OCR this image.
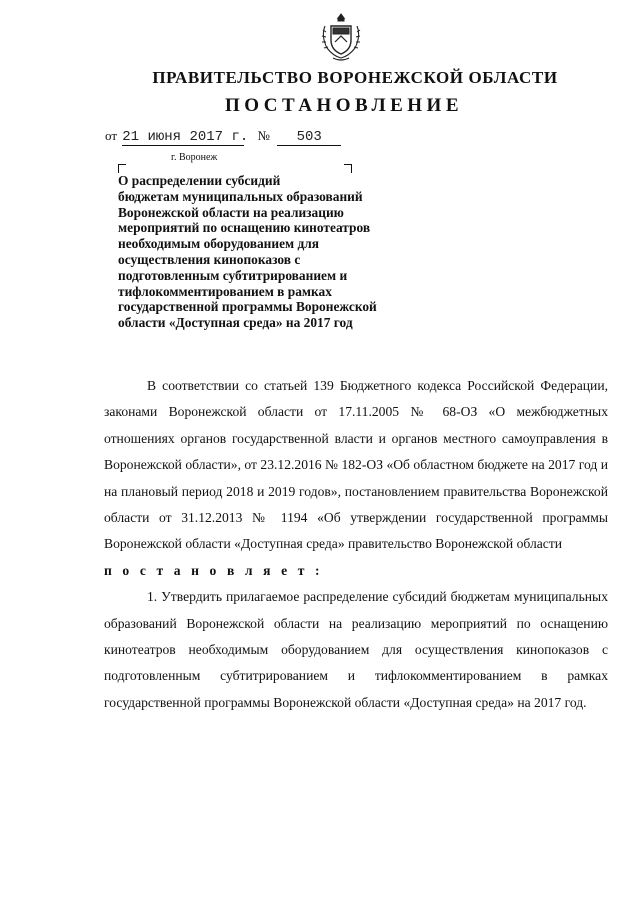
ПРАВИТЕЛЬСТВО ВОРОНЕЖСКОЙ ОБЛАСТИ
ПОСТАНОВЛЕНИЕ
от 21 июня 2017 г. № 503
г. Воронеж
О распределении субсидий
бюджетам муниципальных образований
Воронежской области на реализацию
мероприятий по оснащению кинотеатров
необходимым оборудованием для
осуществления кинопоказов с
подготовленным субтитрированием и
тифлокомментированием в рамках
государственной программы Воронежской
области «Доступная среда» на 2017 год

В соответствии со статьей 139 Бюджетного кодекса Российской Федерации, законами Воронежской области от 17.11.2005 № 68-ОЗ «О межбюджетных отношениях органов государственной власти и органов местного самоуправления в Воронежской области», от 23.12.2016 № 182-ОЗ «Об областном бюджете на 2017 год и на плановый период 2018 и 2019 годов», постановлением правительства Воронежской области от 31.12.2013 № 1194 «Об утверждении государственной программы Воронежской области «Доступная среда» правительство Воронежской области

п о с т а н о в л я е т :

1. Утвердить прилагаемое распределение субсидий бюджетам муниципальных образований Воронежской области на реализацию мероприятий по оснащению кинотеатров необходимым оборудованием для осуществления кинопоказов с подготовленным субтитрированием и тифлокомментированием в рамках государственной программы Воронежской области «Доступная среда» на 2017 год.
